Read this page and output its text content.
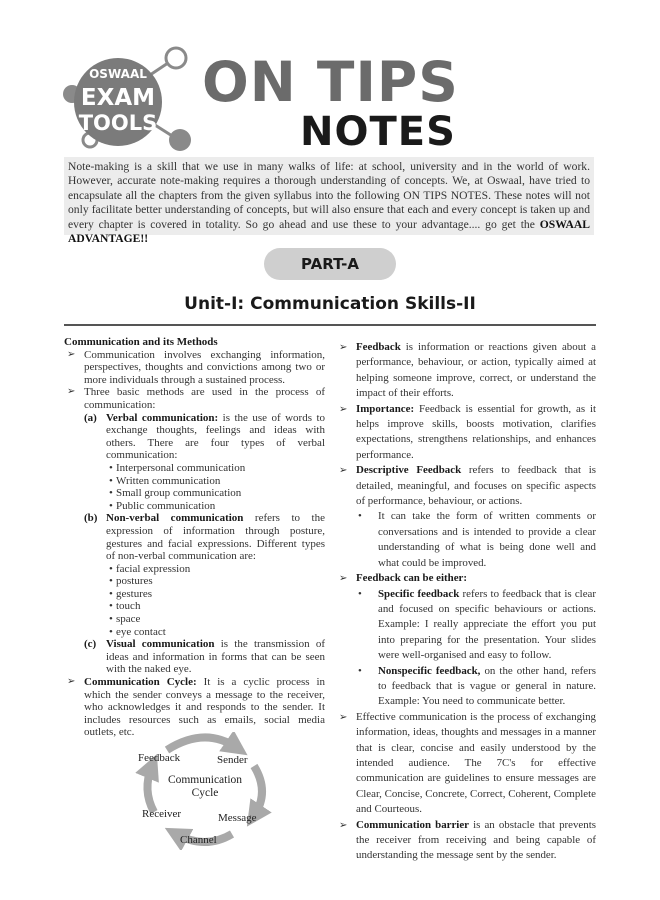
OSWAAL
EXAM
TOOLS
ON TIPS
NOTES
Note-making is a skill that we use in many walks of life: at school, university and in the world of work. However, accurate note-making requires a thorough understanding of concepts. We, at Oswaal, have tried to encapsulate all the chapters from the given syllabus into the following ON TIPS NOTES. These notes will not only facilitate better understanding of concepts, but will also ensure that each and every concept is taken up and every chapter is covered in totality. So go ahead and use these to your advantage.... go get the OSWAAL ADVANTAGE!!
PART-A
Unit-I: Communication Skills-II
Communication and its Methods
➢ Communication involves exchanging information, perspectives, thoughts and convictions among two or more individuals through a sustained process.
➢ Three basic methods are used in the process of communication:
(a) Verbal communication: is the use of words to exchange thoughts, feelings and ideas with others. There are four types of verbal communication:
• Interpersonal communication
• Written communication
• Small group communication
• Public communication
(b) Non-verbal communication refers to the expression of information through posture, gestures and facial expressions. Different types of non-verbal communication are:
• facial expression
• postures
• gestures
• touch
• space
• eye contact
(c) Visual communication is the transmission of ideas and information in forms that can be seen with the naked eye.
➢ Communication Cycle: It is a cyclic process in which the sender conveys a message to the receiver, who acknowledges it and responds to the sender. It includes resources such as emails, social media outlets, etc.
Communication
Cycle
Feedback	Sender
Message
Channel
Receiver
➢ Feedback is information or reactions given about a performance, behaviour, or action, typically aimed at helping someone improve, correct, or understand the impact of their efforts.
➢ Importance: Feedback is essential for growth, as it helps improve skills, boosts motivation, clarifies expectations, strengthens relationships, and enhances performance.
➢ Descriptive Feedback refers to feedback that is detailed, meaningful, and focuses on specific aspects of performance, behaviour, or actions.
• It can take the form of written comments or conversations and is intended to provide a clear understanding of what is being done well and what could be improved.
➢ Feedback can be either:
• Specific feedback refers to feedback that is clear and focused on specific behaviours or actions. Example: I really appreciate the effort you put into preparing for the presentation. Your slides were well-organised and easy to follow.
• Nonspecific feedback, on the other hand, refers to feedback that is vague or general in nature. Example: You need to communicate better.
➢ Effective communication is the process of exchanging information, ideas, thoughts and messages in a manner that is clear, concise and easily understood by the intended audience. The 7C's for effective communication are guidelines to ensure messages are Clear, Concise, Concrete, Correct, Coherent, Complete and Courteous.
➢ Communication barrier is an obstacle that prevents the receiver from receiving and being capable of understanding the message sent by the sender.
